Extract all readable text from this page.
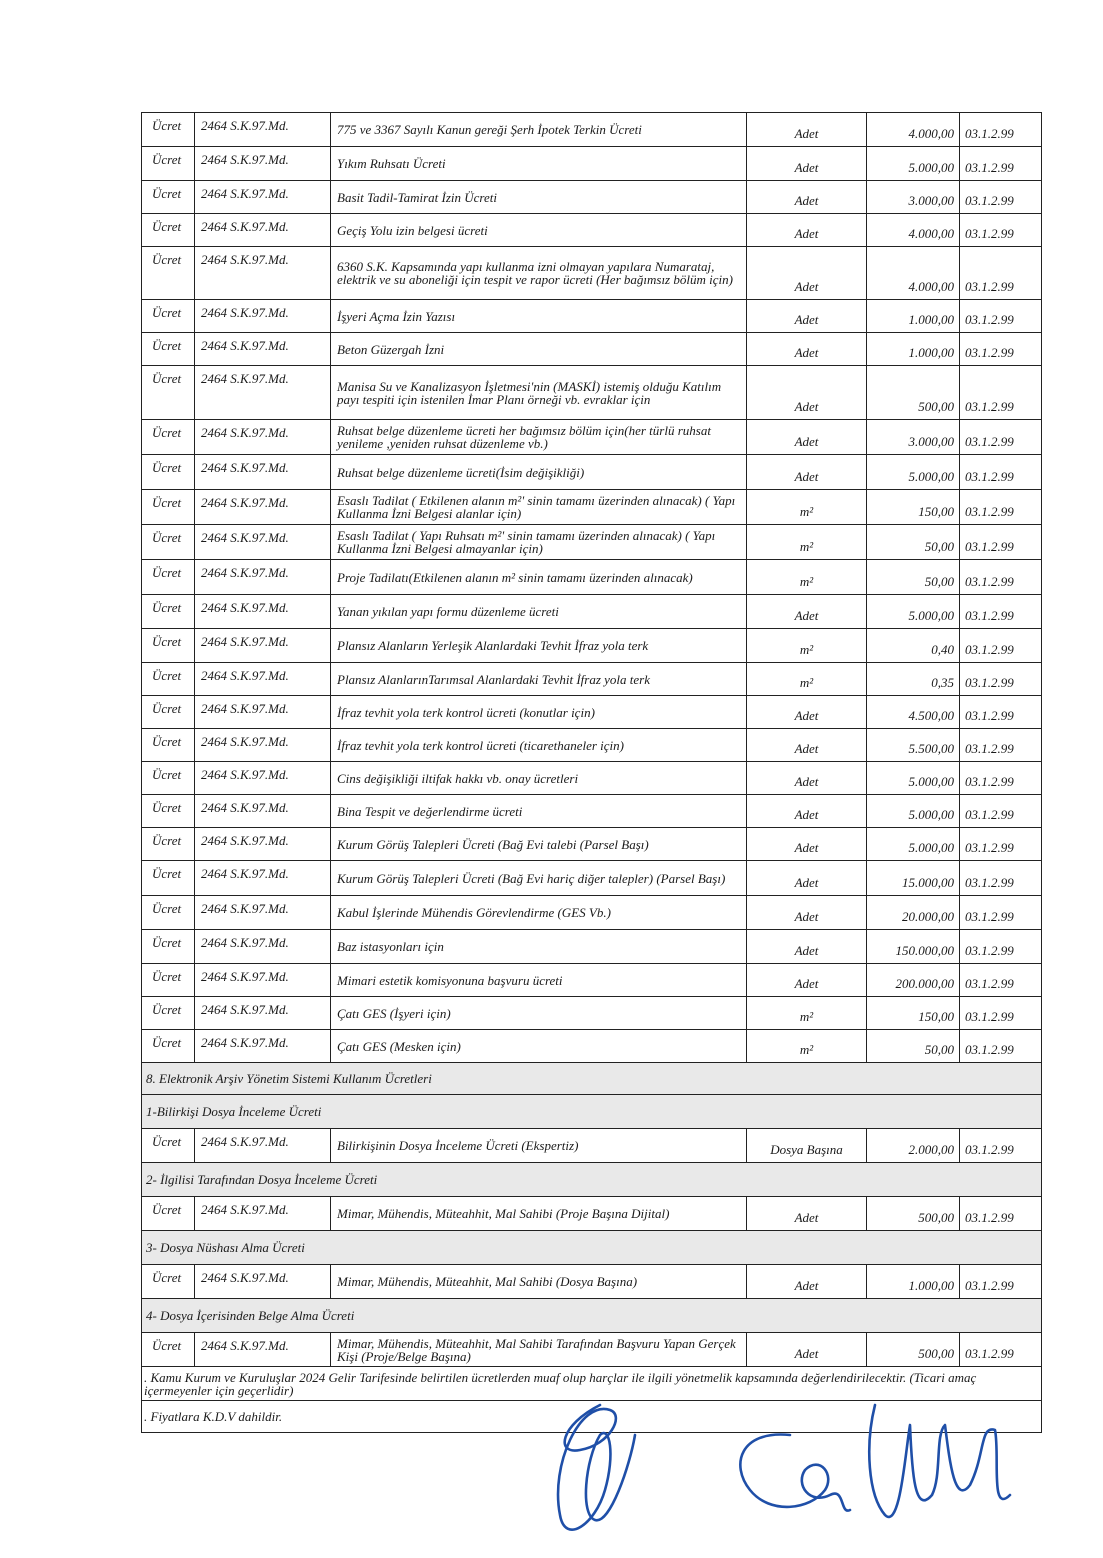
Ücret	2464 S.K.97.Md.	775 ve 3367 Sayılı Kanun gereği Şerh İpotek Terkin Ücreti	Adet	4.000,00	03.1.2.99
Ücret	2464 S.K.97.Md.	Yıkım Ruhsatı Ücreti	Adet	5.000,00	03.1.2.99
Ücret	2464 S.K.97.Md.	Basit Tadil-Tamirat İzin Ücreti	Adet	3.000,00	03.1.2.99
Ücret	2464 S.K.97.Md.	Geçiş Yolu izin belgesi ücreti	Adet	4.000,00	03.1.2.99
Ücret	2464 S.K.97.Md.	6360 S.K. Kapsamında yapı kullanma izni olmayan yapılara Numarataj, elektrik ve su aboneliği için tespit ve rapor ücreti (Her bağımsız bölüm için)	Adet	4.000,00	03.1.2.99
Ücret	2464 S.K.97.Md.	İşyeri Açma İzin Yazısı	Adet	1.000,00	03.1.2.99
Ücret	2464 S.K.97.Md.	Beton Güzergah İzni	Adet	1.000,00	03.1.2.99
Ücret	2464 S.K.97.Md.	Manisa Su ve Kanalizasyon İşletmesi'nin (MASKİ) istemiş olduğu Katılım payı tespiti için istenilen İmar Planı örneği vb. evraklar için	Adet	500,00	03.1.2.99
Ücret	2464 S.K.97.Md.	Ruhsat belge düzenleme ücreti her bağımsız bölüm için(her türlü ruhsat yenileme ,yeniden ruhsat düzenleme vb.)	Adet	3.000,00	03.1.2.99
Ücret	2464 S.K.97.Md.	Ruhsat belge düzenleme ücreti(İsim değişikliği)	Adet	5.000,00	03.1.2.99
Ücret	2464 S.K.97.Md.	Esaslı Tadilat ( Etkilenen alanın m²' sinin tamamı üzerinden alınacak) ( Yapı Kullanma İzni Belgesi alanlar için)	m²	150,00	03.1.2.99
Ücret	2464 S.K.97.Md.	Esaslı Tadilat ( Yapı Ruhsatı m²' sinin tamamı üzerinden alınacak) ( Yapı Kullanma İzni Belgesi almayanlar için)	m²	50,00	03.1.2.99
Ücret	2464 S.K.97.Md.	Proje Tadilatı(Etkilenen alanın m² sinin tamamı üzerinden alınacak)	m²	50,00	03.1.2.99
Ücret	2464 S.K.97.Md.	Yanan yıkılan yapı formu düzenleme ücreti	Adet	5.000,00	03.1.2.99
Ücret	2464 S.K.97.Md.	Plansız Alanların Yerleşik Alanlardaki Tevhit İfraz yola terk	m²	0,40	03.1.2.99
Ücret	2464 S.K.97.Md.	Plansız AlanlarınTarımsal Alanlardaki Tevhit İfraz yola terk	m²	0,35	03.1.2.99
Ücret	2464 S.K.97.Md.	İfraz tevhit yola terk kontrol ücreti (konutlar için)	Adet	4.500,00	03.1.2.99
Ücret	2464 S.K.97.Md.	İfraz tevhit yola terk kontrol ücreti (ticarethaneler için)	Adet	5.500,00	03.1.2.99
Ücret	2464 S.K.97.Md.	Cins değişikliği iltifak hakkı vb. onay ücretleri	Adet	5.000,00	03.1.2.99
Ücret	2464 S.K.97.Md.	Bina Tespit ve değerlendirme ücreti	Adet	5.000,00	03.1.2.99
Ücret	2464 S.K.97.Md.	Kurum Görüş Talepleri Ücreti (Bağ Evi talebi (Parsel Başı)	Adet	5.000,00	03.1.2.99
Ücret	2464 S.K.97.Md.	Kurum Görüş Talepleri Ücreti (Bağ Evi hariç diğer talepler) (Parsel Başı)	Adet	15.000,00	03.1.2.99
Ücret	2464 S.K.97.Md.	Kabul İşlerinde Mühendis Görevlendirme (GES Vb.)	Adet	20.000,00	03.1.2.99
Ücret	2464 S.K.97.Md.	Baz istasyonları için	Adet	150.000,00	03.1.2.99
Ücret	2464 S.K.97.Md.	Mimari estetik komisyonuna başvuru ücreti	Adet	200.000,00	03.1.2.99
Ücret	2464 S.K.97.Md.	Çatı GES (İşyeri için)	m²	150,00	03.1.2.99
Ücret	2464 S.K.97.Md.	Çatı GES (Mesken için)	m²	50,00	03.1.2.99
8. Elektronik Arşiv Yönetim Sistemi Kullanım Ücretleri					
1-Bilirkişi Dosya İnceleme Ücreti					
Ücret	2464 S.K.97.Md.	Bilirkişinin Dosya İnceleme Ücreti (Ekspertiz)	Dosya Başına	2.000,00	03.1.2.99
2- İlgilisi Tarafından Dosya İnceleme Ücreti					
Ücret	2464 S.K.97.Md.	Mimar, Mühendis, Müteahhit, Mal Sahibi (Proje Başına Dijital)	Adet	500,00	03.1.2.99
3- Dosya Nüshası Alma Ücreti					
Ücret	2464 S.K.97.Md.	Mimar, Mühendis, Müteahhit, Mal Sahibi (Dosya Başına)	Adet	1.000,00	03.1.2.99
4- Dosya İçerisinden Belge Alma Ücreti					
Ücret	2464 S.K.97.Md.	Mimar, Mühendis, Müteahhit, Mal Sahibi Tarafından Başvuru Yapan Gerçek Kişi (Proje/Belge Başına)	Adet	500,00	03.1.2.99
. Kamu Kurum ve Kuruluşlar 2024 Gelir Tarifesinde belirtilen ücretlerden muaf olup harçlar ile ilgili yönetmelik kapsamında değerlendirilecektir. (Ticari amaç içermeyenler için geçerlidir)					
. Fiyatlara K.D.V dahildir.					
